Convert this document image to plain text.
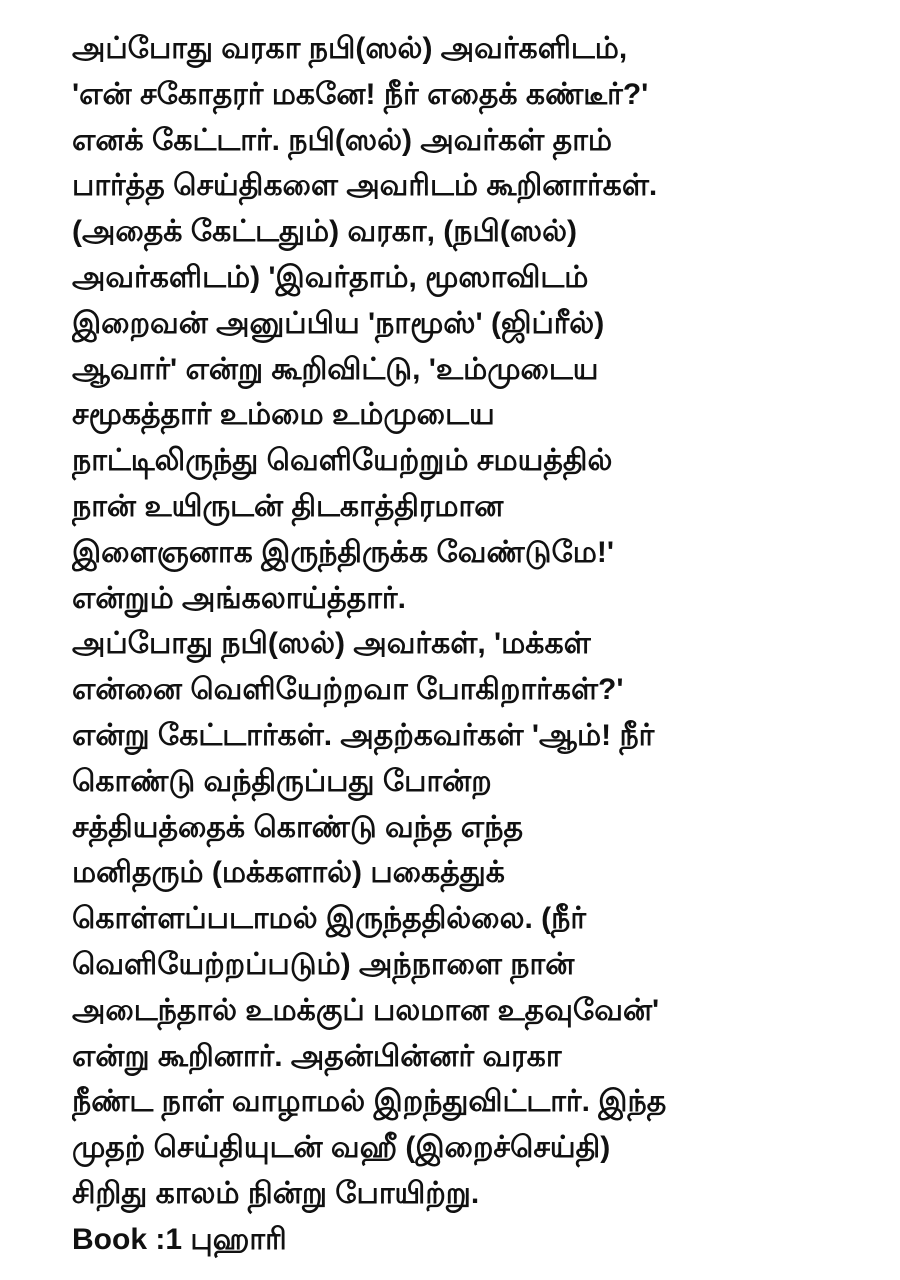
அப்போது வரகா நபி(ஸல்) அவர்களிடம்,
'என் சகோதரர் மகனே! நீர் எதைக் கண்டீர்?'
எனக் கேட்டார். நபி(ஸல்) அவர்கள் தாம்
பார்த்த செய்திகளை அவரிடம் கூறினார்கள்.
(அதைக் கேட்டதும்) வரகா, (நபி(ஸல்)
அவர்களிடம்) 'இவர்தாம், மூஸாவிடம்
இறைவன் அனுப்பிய 'நாமூஸ்' (ஜிப்ரீல்)
ஆவார்' என்று கூறிவிட்டு, 'உம்முடைய
சமூகத்தார் உம்மை உம்முடைய
நாட்டிலிருந்து வெளியேற்றும் சமயத்தில்
நான் உயிருடன் திடகாத்திரமான
இளைஞனாக இருந்திருக்க வேண்டுமே!'
என்றும் அங்கலாய்த்தார்.
அப்போது நபி(ஸல்) அவர்கள், 'மக்கள்
என்னை வெளியேற்றவா போகிறார்கள்?'
என்று கேட்டார்கள். அதற்கவர்கள் 'ஆம்! நீர்
கொண்டு வந்திருப்பது போன்ற
சத்தியத்தைக் கொண்டு வந்த எந்த
மனிதரும் (மக்களால்) பகைத்துக்
கொள்ளப்படாமல் இருந்ததில்லை. (நீர்
வெளியேற்றப்படும்) அந்நாளை நான்
அடைந்தால் உமக்குப் பலமான உதவுவேன்'
என்று கூறினார். அதன்பின்னர் வரகா
நீண்ட நாள் வாழாமல் இறந்துவிட்டார். இந்த
முதற் செய்தியுடன் வஹீ (இறைச்செய்தி)
சிறிது காலம் நின்று போயிற்று.
Book :1 புஹாரி
